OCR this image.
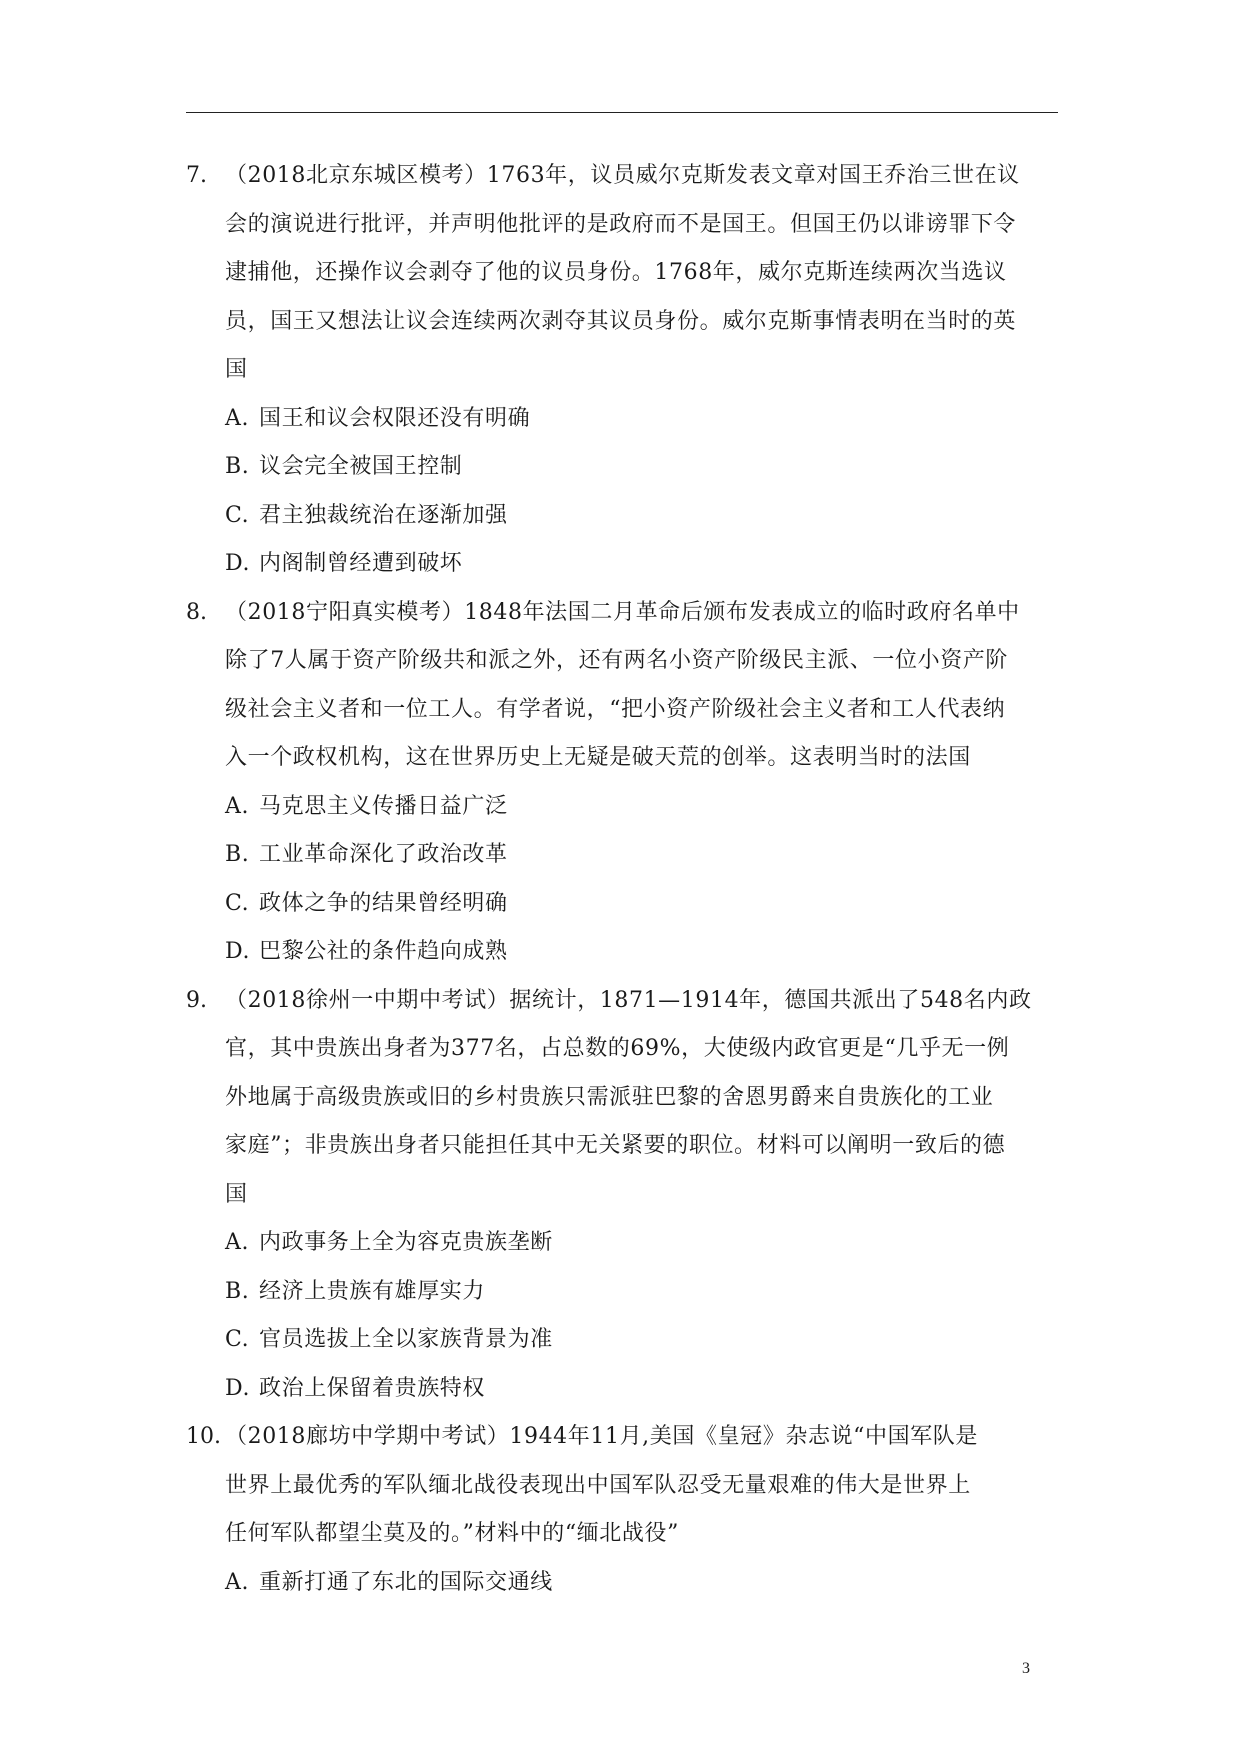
7. （2018北京东城区模考）1763年，议员威尔克斯发表文章对国王乔治三世在议
会的演说进行批评，并声明他批评的是政府而不是国王。但国王仍以诽谤罪下令
逮捕他，还操作议会剥夺了他的议员身份。1768年，威尔克斯连续两次当选议
员，国王又想法让议会连续两次剥夺其议员身份。威尔克斯事情表明在当时的英
国

A. 国王和议会权限还没有明确
B. 议会完全被国王控制
C. 君主独裁统治在逐渐加强
D. 内阁制曾经遭到破坏
8. （2018宁阳真实模考）1848年法国二月革命后颁布发表成立的临时政府名单中
除了7人属于资产阶级共和派之外，还有两名小资产阶级民主派、一位小资产阶
级社会主义者和一位工人。有学者说，“把小资产阶级社会主义者和工人代表纳
入一个政权机构，这在世界历史上无疑是破天荒的创举。这表明当时的法国

A. 马克思主义传播日益广泛
B. 工业革命深化了政治改革
C. 政体之争的结果曾经明确
D. 巴黎公社的条件趋向成熟
9. （2018徐州一中期中考试）据统计，1871—1914年，德国共派出了548名内政
官，其中贵族出身者为377名，占总数的69%，大使级内政官更是“几乎无一例
外地属于高级贵族或旧的乡村贵族只需派驻巴黎的舍恩男爵来自贵族化的工业
家庭”；非贵族出身者只能担任其中无关紧要的职位。材料可以阐明一致后的德
国

A. 内政事务上全为容克贵族垄断
B. 经济上贵族有雄厚实力
C. 官员选拔上全以家族背景为准
D. 政治上保留着贵族特权
10. （2018廊坊中学期中考试）1944年11月,美国《皇冠》杂志说“中国军队是
世界上最优秀的军队缅北战役表现出中国军队忍受无量艰难的伟大是世界上
任何军队都望尘莫及的。”材料中的“缅北战役”

A. 重新打通了东北的国际交通线
3
